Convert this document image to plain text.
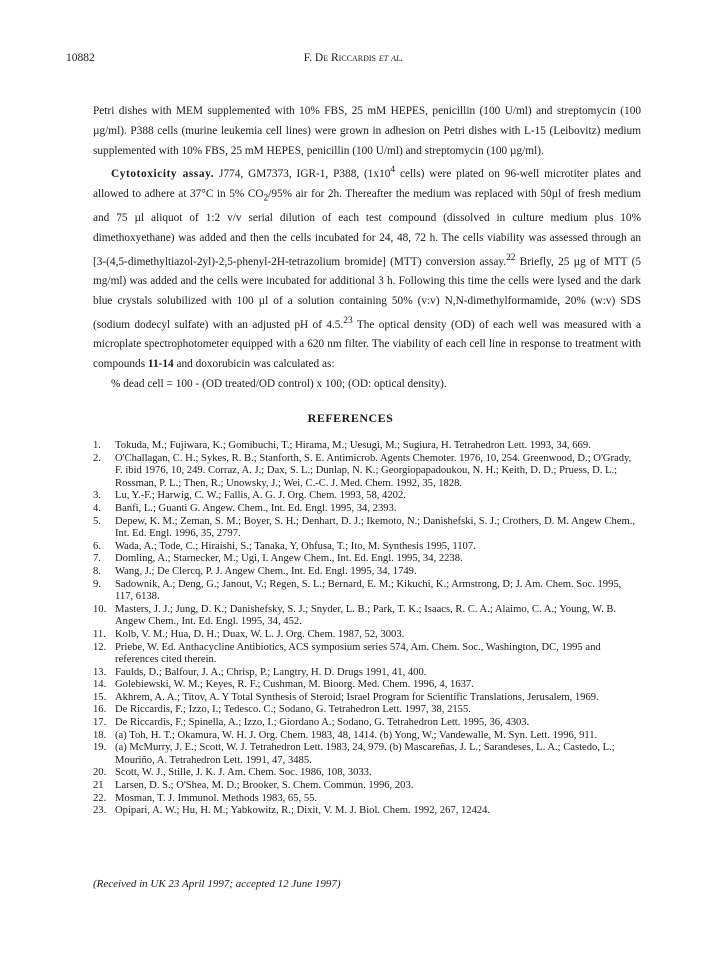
10882	F. De Riccardis et al.

Petri dishes with MEM supplemented with 10% FBS, 25 mM HEPES, penicillin (100 U/ml) and streptomycin (100 µg/ml). P388 cells (murine leukemia cell lines) were grown in adhesion on Petri dishes with L-15 (Leibovitz) medium supplemented with 10% FBS, 25 mM HEPES, penicillin (100 U/ml) and streptomycin (100 µg/ml).

Cytotoxicity assay. J774, GM7373, IGR-1, P388, ($1x10^4$ cells) were plated on 96-well microtiter plates and allowed to adhere at 37°C in 5% $CO_2/95\%$ air for 2h. Thereafter the medium was replaced with 50µl of fresh medium and 75 µl aliquot of 1:2 v/v serial dilution of each test compound (dissolved in culture medium plus 10% dimethoxyethane) was added and then the cells incubated for 24, 48, 72 h. The cells viability was assessed through an [3-(4,5-dimethyltiazol-2yl)-2,5-phenyl-2H-tetrazolium bromide] (MTT) conversion assay.$^{22}$ Briefly, 25 µg of MTT (5 mg/ml) was added and the cells were incubated for additional 3 h. Following this time the cells were lysed and the dark blue crystals solubilized with 100 µl of a solution containing 50% (v:v) N,N-dimethylformamide, 20% (w:v) SDS (sodium dodecyl sulfate) with an adjusted pH of 4.5.23 The optical density (OD) of each well was measured with a microplate spectrophotometer equipped with a 620 nm filter. The viability of each cell line in response to treatment with compounds 11-14 and doxorubicin was calculated as:

% dead cell = 100 - (OD treated/OD control) x 100; (OD: optical density).

REFERENCES
1.	Tokuda, M.; Fujiwara, K.; Gomibuchi, T.; Hirama, M.; Uesugi, M.; Sugiura, H. Tetrahedron Lett. 1993, 34, 669.
2.	O'Challagan, C. H.; Sykes, R. B.; Stanforth, S. E. Antimicrob. Agents Chemoter. 1976, 10, 254. Greenwood, D.; O'Grady, F. ibid 1976, 10, 249. Corraz, A. J.; Dax, S. L.; Dunlap, N. K.; Georgiopapadoukou, N. H.; Keith, D. D.; Pruess, D. L.; Rossman, P. L.; Then, R.; Unowsky, J.; Wei, C.-C. J. Med. Chem. 1992, 35, 1828.
3.	Lu, Y.-F.; Harwig, C. W.; Fallis, A. G. J. Org. Chem. 1993, 58, 4202.
4.	Banfi, L.; Guanti G. Angew. Chem., Int. Ed. Engl. 1995, 34, 2393.
5.	Depew, K. M.; Zeman, S. M.; Boyer, S. H.; Denhart, D. J.; Ikemoto, N.; Danishefski, S. J.; Crothers, D. M. Angew Chem., Int. Ed. Engl. 1996, 35, 2797.
6.	Wada, A.; Tode, C.; Hiraishi, S.; Tanaka, Y, Ohfusa, T.; Ito, M. Synthesis 1995, 1107.
7.	Domling, A.; Starnecker, M.; Ugi, I. Angew Chem., Int. Ed. Engl. 1995, 34, 2238.
8.	Wang, J.; De Clercq, P. J. Angew Chem., Int. Ed. Engl. 1995, 34, 1749.
9.	Sadownik, A.; Deng, G.; Janout, V.; Regen, S. L.; Bernard, E. M.; Kikuchi, K.; Armstrong, D; J. Am. Chem. Soc. 1995, 117, 6138.
10. Masters, J. J.; Jung, D. K.; Danishefsky, S. J.; Snyder, L. B.; Park, T. K.; Isaacs, R. C. A.; Alaimo, C. A.; Young, W. B. Angew Chem., Int. Ed. Engl. 1995, 34, 452.
11. Kolb, V. M.; Hua, D. H.; Duax, W. L. J. Org. Chem. 1987, 52, 3003.
12. Priebe, W. Ed. Anthacycline Antibiotics, ACS symposium series 574, Am. Chem. Soc., Washington, DC, 1995 and references cited therein.
13. Faulds, D.; Balfour, J. A.; Chrisp, P.; Langtry, H. D. Drugs 1991, 41, 400.
14. Golebiewski, W. M.; Keyes, R. F.; Cushman, M. Bioorg. Med. Chem. 1996, 4, 1637.
15. Akhrem, A. A.; Titov, A. Y Total Synthesis of Steroid; Israel Program for Scientific Translations, Jerusalem, 1969.
16. De Riccardis, F.; Izzo, I.; Tedesco. C.; Sodano, G. Tetrahedron Lett. 1997, 38, 2155.
17. De Riccardis, F.; Spinella, A.; Izzo, I.; Giordano A.; Sodano, G. Tetrahedron Lett. 1995, 36, 4303.
18. (a) Toh, H. T.; Okamura, W. H. J. Org. Chem. 1983, 48, 1414. (b) Yong, W.; Vandewalle, M. Syn. Lett. 1996, 911.
19. (a) McMurry, J. E.; Scott, W. J. Tetrahedron Lett. 1983, 24, 979. (b) Mascareñas, J. L.; Sarandeses, L. A.; Castedo, L.; Mouriño, A. Tetrahedron Lett. 1991, 47, 3485.
20. Scott, W. J., Stille, J. K. J. Am. Chem. Soc. 1986, 108, 3033.
21	Larsen, D. S.; O'Shea, M. D.; Brooker, S. Chem. Commun. 1996, 203.
22. Mosman, T. J. Immunol. Methods 1983, 65, 55.
23. Opipari, A. W.; Hu, H. M.; Yabkowitz, R.; Dixit, V. M. J. Biol. Chem. 1992, 267, 12424.
(Received in UK 23 April 1997; accepted 12 June 1997)
